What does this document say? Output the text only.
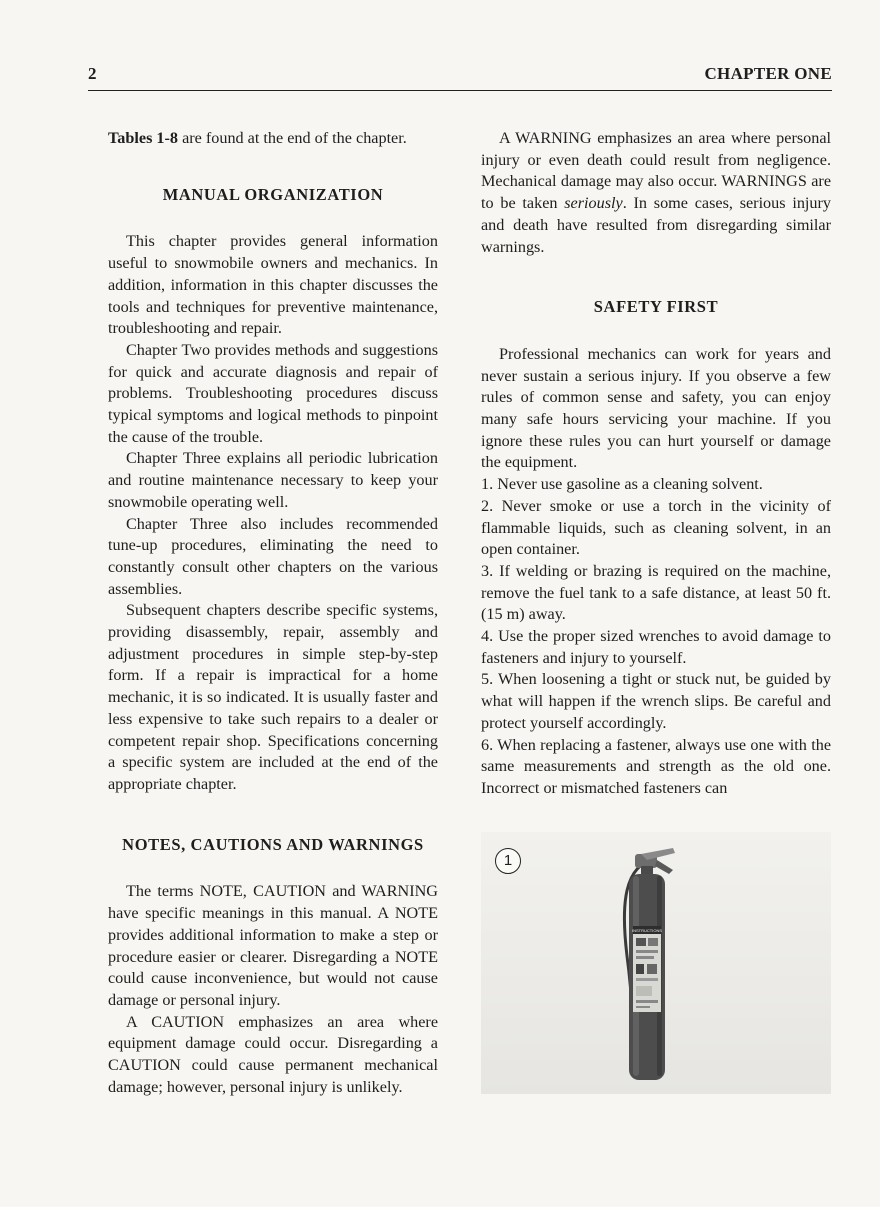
2	CHAPTER ONE

Tables 1-8 are found at the end of the chapter.

MANUAL ORGANIZATION

This chapter provides general information useful to snowmobile owners and mechanics. In addition, information in this chapter discusses the tools and techniques for preventive maintenance, troubleshooting and repair.

Chapter Two provides methods and suggestions for quick and accurate diagnosis and repair of problems. Troubleshooting procedures discuss typical symptoms and logical methods to pinpoint the cause of the trouble.

Chapter Three explains all periodic lubrication and routine maintenance necessary to keep your snowmobile operating well.

Chapter Three also includes recommended tune-up procedures, eliminating the need to constantly consult other chapters on the various assemblies.

Subsequent chapters describe specific systems, providing disassembly, repair, assembly and adjustment procedures in simple step-by-step form. If a repair is impractical for a home mechanic, it is so indicated. It is usually faster and less expensive to take such repairs to a dealer or competent repair shop. Specifications concerning a specific system are included at the end of the appropriate chapter.

NOTES, CAUTIONS AND WARNINGS

The terms NOTE, CAUTION and WARNING have specific meanings in this manual. A NOTE provides additional information to make a step or procedure easier or clearer. Disregarding a NOTE could cause inconvenience, but would not cause damage or personal injury.

A CAUTION emphasizes an area where equipment damage could occur. Disregarding a CAUTION could cause permanent mechanical damage; however, personal injury is unlikely.

A WARNING emphasizes an area where personal injury or even death could result from negligence. Mechanical damage may also occur. WARNINGS are to be taken seriously. In some cases, serious injury and death have resulted from disregarding similar warnings.

SAFETY FIRST

Professional mechanics can work for years and never sustain a serious injury. If you observe a few rules of common sense and safety, you can enjoy many safe hours servicing your machine. If you ignore these rules you can hurt yourself or damage the equipment.

1. Never use gasoline as a cleaning solvent.

2. Never smoke or use a torch in the vicinity of flammable liquids, such as cleaning solvent, in an open container.

3. If welding or brazing is required on the machine, remove the fuel tank to a safe distance, at least 50 ft. (15 m) away.

4. Use the proper sized wrenches to avoid damage to fasteners and injury to yourself.

5. When loosening a tight or stuck nut, be guided by what will happen if the wrench slips. Be careful and protect yourself accordingly.

6. When replacing a fastener, always use one with the same measurements and strength as the old one. Incorrect or mismatched fasteners can

1
INSTRUCTIONS
